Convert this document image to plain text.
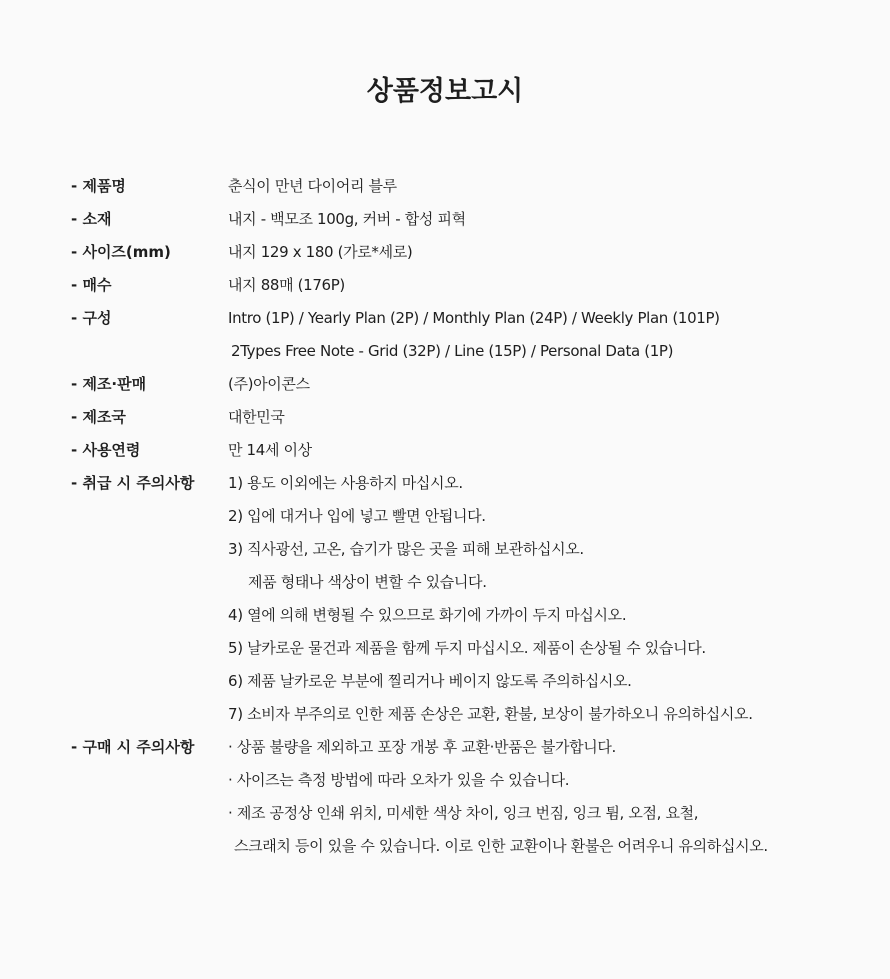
상품정보고시
- 제품명	춘식이 만년 다이어리 블루
- 소재	내지 - 백모조 100g, 커버 - 합성 피혁
- 사이즈(mm)	내지 129 x 180 (가로*세로)
- 매수	내지 88매 (176P)
- 구성	Intro (1P) / Yearly Plan (2P) / Monthly Plan (24P) / Weekly Plan (101P)
2Types Free Note - Grid (32P) / Line (15P) / Personal Data (1P)
- 제조·판매	(주)아이콘스
- 제조국	대한민국
- 사용연령	만 14세 이상
- 취급 시 주의사항	1) 용도 이외에는 사용하지 마십시오.
2) 입에 대거나 입에 넣고 빨면 안됩니다.
3) 직사광선, 고온, 습기가 많은 곳을 피해 보관하십시오.
제품 형태나 색상이 변할 수 있습니다.
4) 열에 의해 변형될 수 있으므로 화기에 가까이 두지 마십시오.
5) 날카로운 물건과 제품을 함께 두지 마십시오. 제품이 손상될 수 있습니다.
6) 제품 날카로운 부분에 찔리거나 베이지 않도록 주의하십시오.
7) 소비자 부주의로 인한 제품 손상은 교환, 환불, 보상이 불가하오니 유의하십시오.
- 구매 시 주의사항	· 상품 불량을 제외하고 포장 개봉 후 교환·반품은 불가합니다.
· 사이즈는 측정 방법에 따라 오차가 있을 수 있습니다.
· 제조 공정상 인쇄 위치, 미세한 색상 차이, 잉크 번짐, 잉크 튐, 오점, 요철,
스크래치 등이 있을 수 있습니다. 이로 인한 교환이나 환불은 어려우니 유의하십시오.
